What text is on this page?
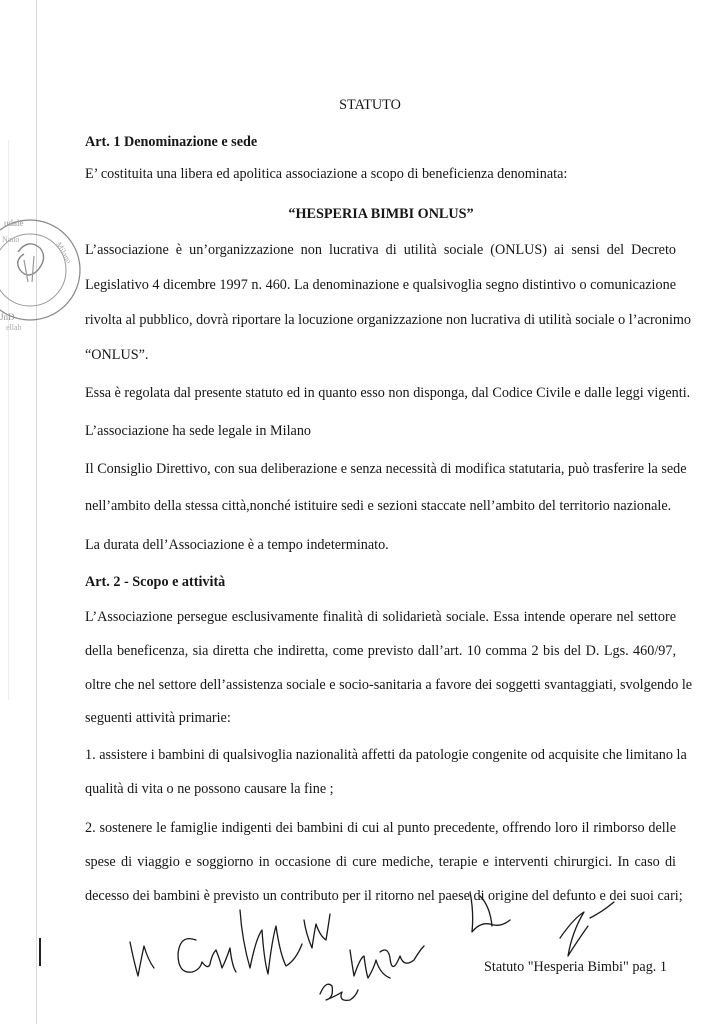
udale
Nano
Milano
JnD
ellab
STATUTO
Art. 1 Denominazione e sede
E’ costituita una libera ed apolitica associazione a scopo di beneficienza denominata:
“HESPERIA BIMBI ONLUS”
L’associazione è un’organizzazione non lucrativa di utilità sociale (ONLUS) ai sensi del Decreto
Legislativo 4 dicembre 1997 n. 460. La denominazione e qualsivoglia segno distintivo o comunicazione
rivolta al pubblico, dovrà riportare la locuzione organizzazione non lucrativa di utilità sociale o l’acronimo
“ONLUS”.
Essa è regolata dal presente statuto ed in quanto esso non disponga, dal Codice Civile e dalle leggi vigenti.
L’associazione ha sede legale in Milano
Il Consiglio Direttivo, con sua deliberazione e senza necessità di modifica statutaria, può trasferire la sede
nell’ambito della stessa città,nonché istituire sedi e sezioni staccate nell’ambito del territorio nazionale.
La durata dell’Associazione è a tempo indeterminato.
Art. 2 - Scopo e attività
L’Associazione persegue esclusivamente finalità di solidarietà sociale. Essa intende operare nel settore
della beneficenza, sia diretta che indiretta, come previsto dall’art. 10 comma 2 bis del D. Lgs. 460/97,
oltre che nel settore dell’assistenza sociale e socio-sanitaria a favore dei soggetti svantaggiati, svolgendo le
seguenti attività primarie:
1. assistere i bambini di qualsivoglia nazionalità affetti da patologie congenite od acquisite che limitano la
qualità di vita o ne possono causare la fine ;
2. sostenere le famiglie indigenti dei bambini di cui al punto precedente, offrendo loro il rimborso delle
spese di viaggio e soggiorno in occasione di cure mediche, terapie e interventi chirurgici. In caso di
decesso dei bambini è previsto un contributo per il ritorno nel paese di origine del defunto e dei suoi cari;
Statuto "Hesperia Bimbi" pag. 1
